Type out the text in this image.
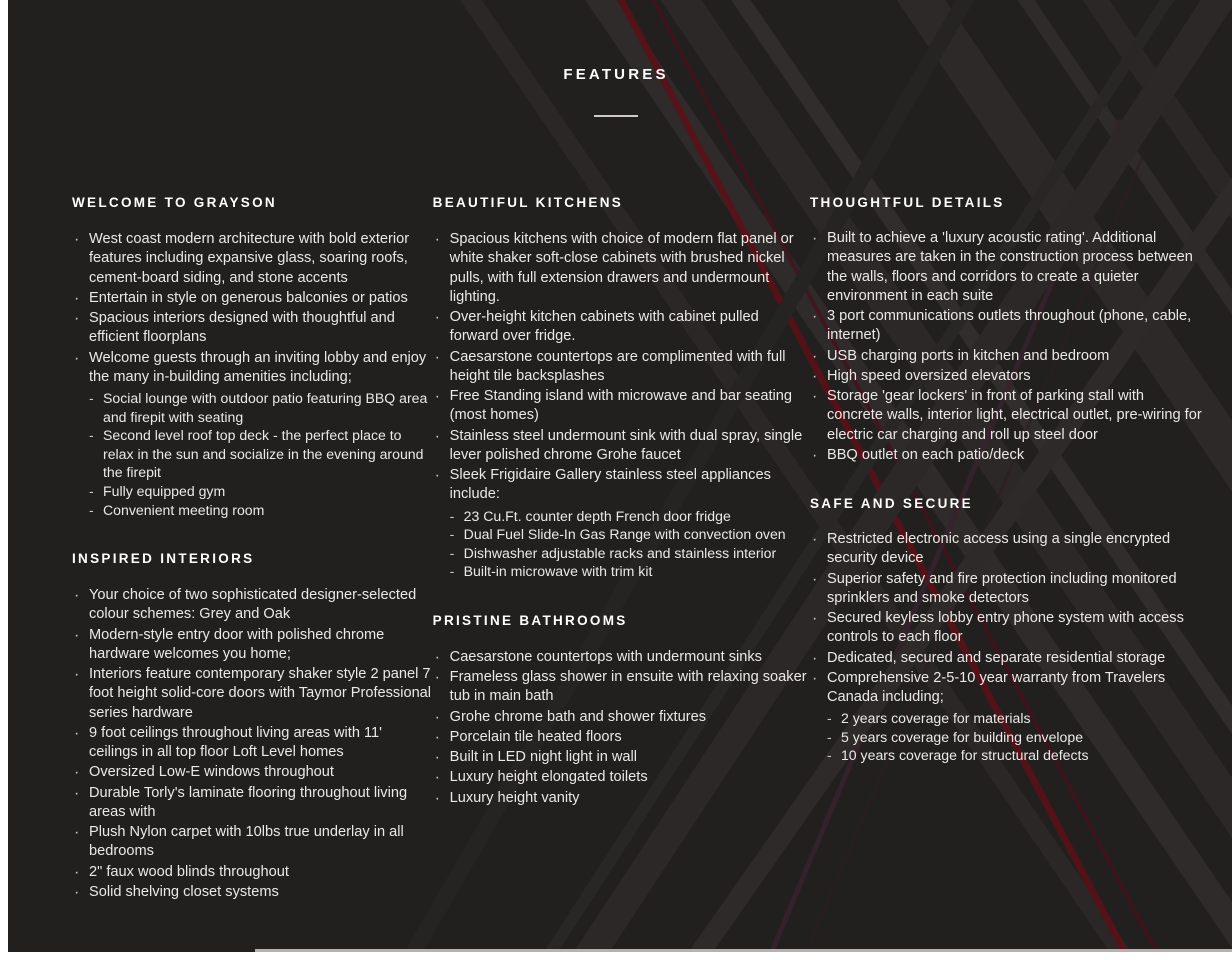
FEATURES
WELCOME TO GRAYSON
· West coast modern architecture with bold exterior features including expansive glass, soaring roofs, cement-board siding, and stone accents
· Entertain in style on generous balconies or patios
· Spacious interiors designed with thoughtful and efficient floorplans
· Welcome guests through an inviting lobby and enjoy the many in-building amenities including;
- Social lounge with outdoor patio featuring BBQ area and firepit with seating
- Second level roof top deck - the perfect place to relax in the sun and socialize in the evening around the firepit
- Fully equipped gym
- Convenient meeting room
INSPIRED INTERIORS
· Your choice of two sophisticated designer-selected colour schemes: Grey and Oak
· Modern-style entry door with polished chrome hardware welcomes you home;
· Interiors feature contemporary shaker style 2 panel 7 foot height solid-core doors with Taymor Professional series hardware
· 9 foot ceilings throughout living areas with 11' ceilings in all top floor Loft Level homes
· Oversized Low-E windows throughout
· Durable Torly's laminate flooring throughout living areas with
· Plush Nylon carpet with 10lbs true underlay in all bedrooms
· 2" faux wood blinds throughout
· Solid shelving closet systems
BEAUTIFUL KITCHENS
· Spacious kitchens with choice of modern flat panel or white shaker soft-close cabinets with brushed nickel pulls, with full extension drawers and undermount lighting.
· Over-height kitchen cabinets with cabinet pulled forward over fridge.
· Caesarstone countertops are complimented with full height tile backsplashes
· Free Standing island with microwave and bar seating (most homes)
· Stainless steel undermount sink with dual spray, single lever polished chrome Grohe faucet
· Sleek Frigidaire Gallery stainless steel appliances include:
- 23 Cu.Ft. counter depth French door fridge
- Dual Fuel Slide-In Gas Range with convection oven
- Dishwasher adjustable racks and stainless interior
- Built-in microwave with trim kit
PRISTINE BATHROOMS
· Caesarstone countertops with undermount sinks
· Frameless glass shower in ensuite with relaxing soaker tub in main bath
· Grohe chrome bath and shower fixtures
· Porcelain tile heated floors
· Built in LED night light in wall
· Luxury height elongated toilets
· Luxury height vanity
THOUGHTFUL DETAILS
· Built to achieve a 'luxury acoustic rating'. Additional measures are taken in the construction process between the walls, floors and corridors to create a quieter environment in each suite
· 3 port communications outlets throughout (phone, cable, internet)
· USB charging ports in kitchen and bedroom
· High speed oversized elevators
· Storage 'gear lockers' in front of parking stall with concrete walls, interior light, electrical outlet, pre-wiring for electric car charging and roll up steel door
· BBQ outlet on each patio/deck
SAFE AND SECURE
· Restricted electronic access using a single encrypted security device
· Superior safety and fire protection including monitored sprinklers and smoke detectors
· Secured keyless lobby entry phone system with access controls to each floor
· Dedicated, secured and separate residential storage
· Comprehensive 2-5-10 year warranty from Travelers Canada including;
- 2 years coverage for materials
- 5 years coverage for building envelope
- 10 years coverage for structural defects
